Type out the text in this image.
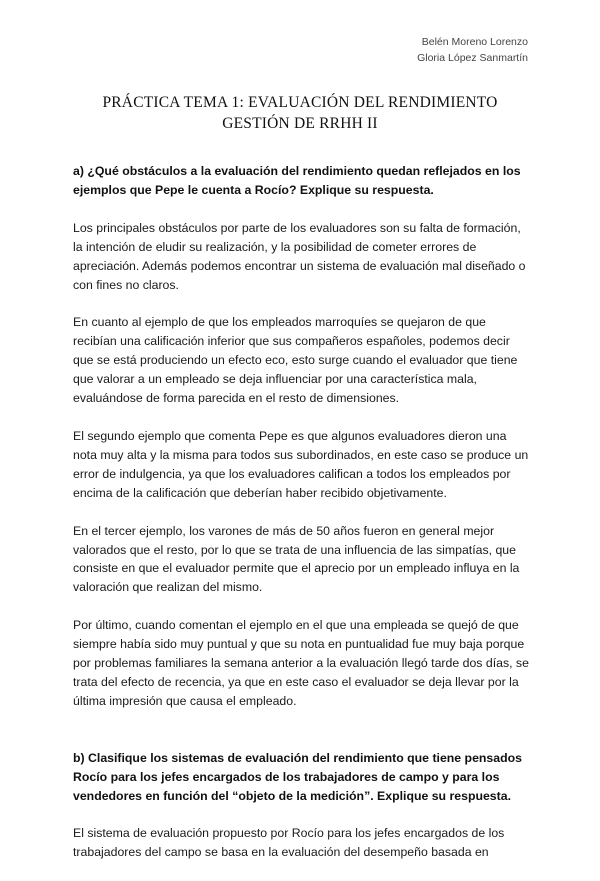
Belén Moreno Lorenzo
Gloria López Sanmartín
PRÁCTICA TEMA 1: EVALUACIÓN DEL RENDIMIENTO
GESTIÓN DE RRHH II

a) ¿Qué obstáculos a la evaluación del rendimiento quedan reflejados en los ejemplos que Pepe le cuenta a Rocío? Explique su respuesta.

Los principales obstáculos por parte de los evaluadores son su falta de formación, la intención de eludir su realización, y la posibilidad de cometer errores de apreciación. Además podemos encontrar un sistema de evaluación mal diseñado o con fines no claros.

En cuanto al ejemplo de que los empleados marroquíes se quejaron de que recibían una calificación inferior que sus compañeros españoles, podemos decir que se está produciendo un efecto eco, esto surge cuando el evaluador que tiene que valorar a un empleado se deja influenciar por una característica mala, evaluándose de forma parecida en el resto de dimensiones.

El segundo ejemplo que comenta Pepe es que algunos evaluadores dieron una nota muy alta y la misma para todos sus subordinados, en este caso se produce un error de indulgencia, ya que los evaluadores califican a todos los empleados por encima de la calificación que deberían haber recibido objetivamente.

En el tercer ejemplo, los varones de más de 50 años fueron en general mejor valorados que el resto, por lo que se trata de una influencia de las simpatías, que consiste en que el evaluador permite que el aprecio por un empleado influya en la valoración que realizan del mismo.

Por último, cuando comentan el ejemplo en el que una empleada se quejó de que siempre había sido muy puntual y que su nota en puntualidad fue muy baja porque por problemas familiares la semana anterior a la evaluación llegó tarde dos días, se trata del efecto de recencia, ya que en este caso el evaluador se deja llevar por la última impresión que causa el empleado.

b) Clasifique los sistemas de evaluación del rendimiento que tiene pensados Rocío para los jefes encargados de los trabajadores de campo y para los vendedores en función del “objeto de la medición”. Explique su respuesta.

El sistema de evaluación propuesto por Rocío para los jefes encargados de los trabajadores del campo se basa en la evaluación del desempeño basada en
